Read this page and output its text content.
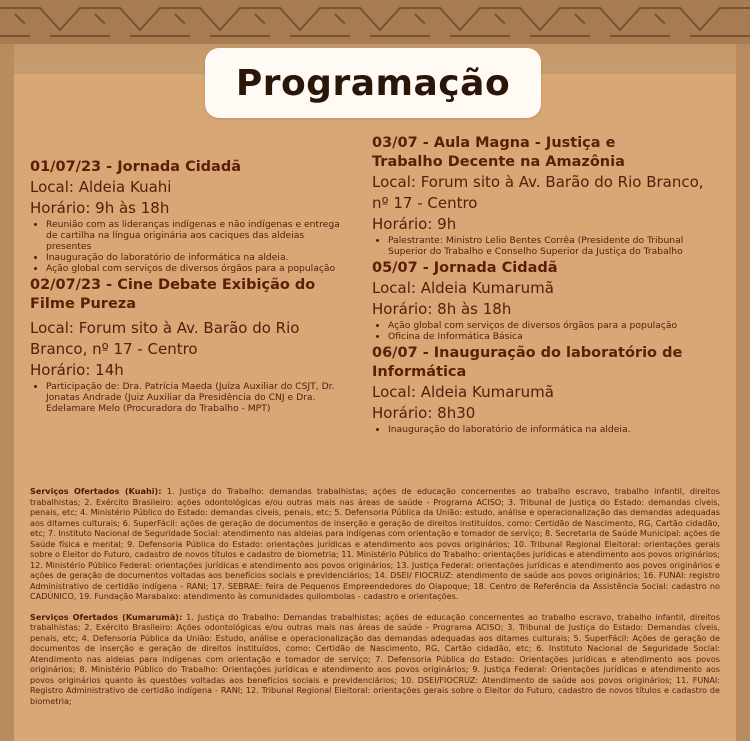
Programação

01/07/23 - Jornada Cidadã

Local: Aldeia Kuahi

Horário: 9h às 18h

• Reunião com as lideranças indígenas e não indígenas e entrega de cartilha na língua originária aos caciques das aldeias presentes
• Inauguração do laboratório de informática na aldeia.
• Ação global com serviços de diversos órgãos para a população

02/07/23 - Cine Debate Exibição do Filme Pureza

Local: Forum sito à Av. Barão do Rio Branco, nº 17 - Centro

Horário: 14h

• Participação de: Dra. Patrícia Maeda (Juíza Auxiliar do CSJT, Dr. Jonatas Andrade (Juiz Auxiliar da Presidência do CNJ e Dra. Edelamare Melo (Procuradora do Trabalho - MPT)

03/07 - Aula Magna - Justiça e Trabalho Decente na Amazônia

Local: Forum sito à Av. Barão do Rio Branco, nº 17 - Centro

Horário: 9h

• Palestrante: Ministro Lelio Bentes Corrêa (Presidente do Tribunal Superior do Trabalho e Conselho Superior da Justiça do Trabalho

05/07 - Jornada Cidadã

Local: Aldeia Kumarumã

Horário: 8h às 18h

• Ação global com serviços de diversos órgãos para a população
• Oficina de Informática Básica

06/07 - Inauguração do laboratório de Informática

Local: Aldeia Kumarumã

Horário: 8h30

• Inauguração do laboratório de informática na aldeia.

Serviços Ofertados (Kuahi): 1. Justiça do Trabalho: demandas trabalhistas; ações de educação concernentes ao trabalho escravo, trabalho infantil, direitos trabalhistas; 2. Exército Brasileiro: ações odontológicas e/ou outras mais nas áreas de saúde - Programa ACISO; 3. Tribunal de Justiça do Estado: demandas cíveis, penais, etc; 4. Ministério Público do Estado: demandas cíveis, penais, etc; 5. Defensoria Pública da União: estudo, análise e operacionalização das demandas adequadas aos ditames culturais; 6. SuperFácil: ações de geração de documentos de inserção e geração de direitos instituídos, como: Certidão de Nascimento, RG, Cartão cidadão, etc; 7. Instituto Nacional de Seguridade Social: atendimento nas aldeias para indígenas com orientação e tomador de serviço; 8. Secretaria de Saúde Municipal: ações de Saúde física e mental; 9. Defensoria Pública do Estado: orientações jurídicas e atendimento aos povos originários; 10. Tribunal Regional Eleitoral: orientações gerais sobre o Eleitor do Futuro, cadastro de novos títulos e cadastro de biometria; 11. Ministério Público do Trabalho: orientações jurídicas e atendimento aos povos originários; 12. Ministério Público Federal: orientações jurídicas e atendimento aos povos originários; 13. Justiça Federal: orientações jurídicas e atendimento aos povos originários e ações de geração de documentos voltadas aos benefícios sociais e previdenciários; 14. DSEI/ FIOCRUZ: atendimento de saúde aos povos originários; 16. FUNAI: registro Administrativo de certidão indígena - RANI; 17. SEBRAE: feira de Pequenos Empreendedores do Oiapoque; 18. Centro de Referência da Assistência Social: cadastro no CADÚNICO, 19. Fundação Marabaixo: atendimento às comunidades quilombolas - cadastro e orientações.

Serviços Ofertados (Kumarumã): 1. Justiça do Trabalho: Demandas trabalhistas; ações de educação concernentes ao trabalho escravo, trabalho infantil, direitos trabalhistas; 2. Exército Brasileiro: Ações odontológicas e/ou outras mais nas áreas de saúde - Programa ACISO; 3. Tribunal de Justiça do Estado: Demandas cíveis, penais, etc; 4. Defensoria Pública da União: Estudo, análise e operacionalização das demandas adequadas aos ditames culturais; 5. SuperFácil: Ações de geração de documentos de inserção e geração de direitos instituídos, como: Certidão de Nascimento, RG, Cartão cidadão, etc; 6. Instituto Nacional de Seguridade Social: Atendimento nas aldeias para indígenas com orientação e tomador de serviço; 7. Defensoria Pública do Estado: Orientações jurídicas e atendimento aos povos originários; 8. Ministério Público do Trabalho: Orientações jurídicas e atendimento aos povos originários; 9. Justiça Federal: Orientações jurídicas e atendimento aos povos originários quanto às questões voltadas aos benefícios sociais e previdenciários; 10. DSEI/FIOCRUZ: Atendimento de saúde aos povos originários; 11. FUNAI: Registro Administrativo de certidão indígena - RANI; 12. Tribunal Regional Eleitoral: orientações gerais sobre o Eleitor do Futuro, cadastro de novos títulos e cadastro de biometria;
